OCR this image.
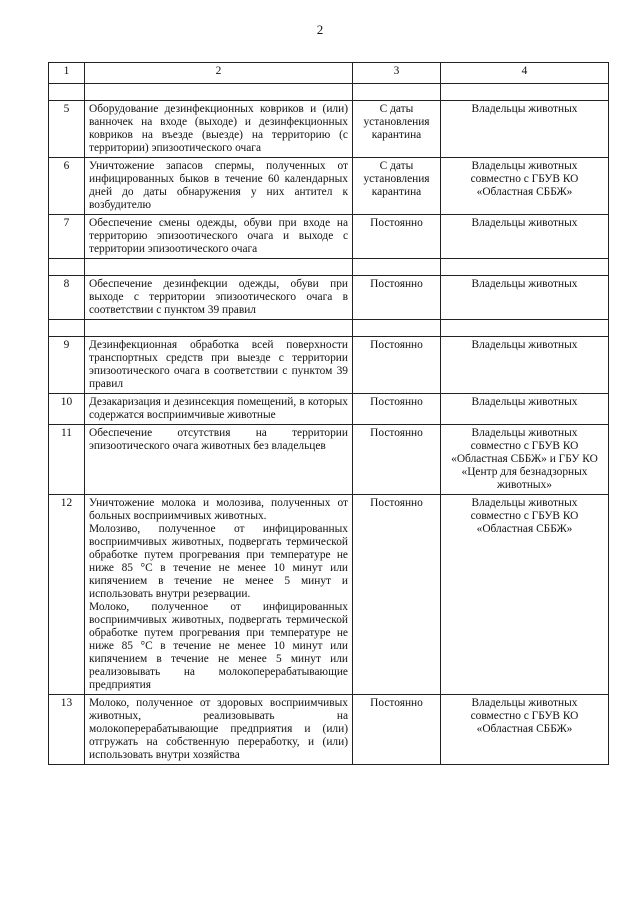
2
1	2	3	4

5	Оборудование дезинфекционных ковриков и (или) ванночек на входе (выходе) и дезинфекционных ковриков на въезде (выезде) на территорию (с территории) эпизоотического очага	С даты установления карантина	Владельцы животных
6	Уничтожение запасов спермы, полученных от инфицированных быков в течение 60 календарных дней до даты обнаружения у них антител к возбудителю	С даты установления карантина	Владельцы животных совместно с ГБУВ КО «Областная СББЖ»
7	Обеспечение смены одежды, обуви при входе на территорию эпизоотического очага и выходе с территории эпизоотического очага	Постоянно	Владельцы животных

8	Обеспечение дезинфекции одежды, обуви при выходе с территории эпизоотического очага в соответствии с пунктом 39 правил	Постоянно	Владельцы животных

9	Дезинфекционная обработка всей поверхности транспортных средств при выезде с территории эпизоотического очага в соответствии с пунктом 39 правил	Постоянно	Владельцы животных
10	Дезакаризация и дезинсекция помещений, в которых содержатся восприимчивые животные	Постоянно	Владельцы животных
11	Обеспечение отсутствия на территории эпизоотического очага животных без владельцев	Постоянно	Владельцы животных совместно с ГБУВ КО «Областная СББЖ» и ГБУ КО «Центр для безнадзорных животных»
12	Уничтожение молока и молозива, полученных от больных восприимчивых животных.
Молозиво, полученное от инфицированных восприимчивых животных, подвергать термической обработке путем прогревания при температуре не ниже 85 °С в течение не менее 10 минут или кипячением в течение не менее 5 минут и использовать внутри резервации.
Молоко, полученное от инфицированных восприимчивых животных, подвергать термической обработке путем прогревания при температуре не ниже 85 °С в течение не менее 10 минут или кипячением в течение не менее 5 минут или реализовывать на молокоперерабатывающие предприятия	Постоянно	Владельцы животных совместно с ГБУВ КО «Областная СББЖ»
13	Молоко, полученное от здоровых восприимчивых животных, реализовывать на молокоперерабатывающие предприятия и (или) отгружать на собственную переработку, и (или) использовать внутри хозяйства	Постоянно	Владельцы животных совместно с ГБУВ КО «Областная СББЖ»
